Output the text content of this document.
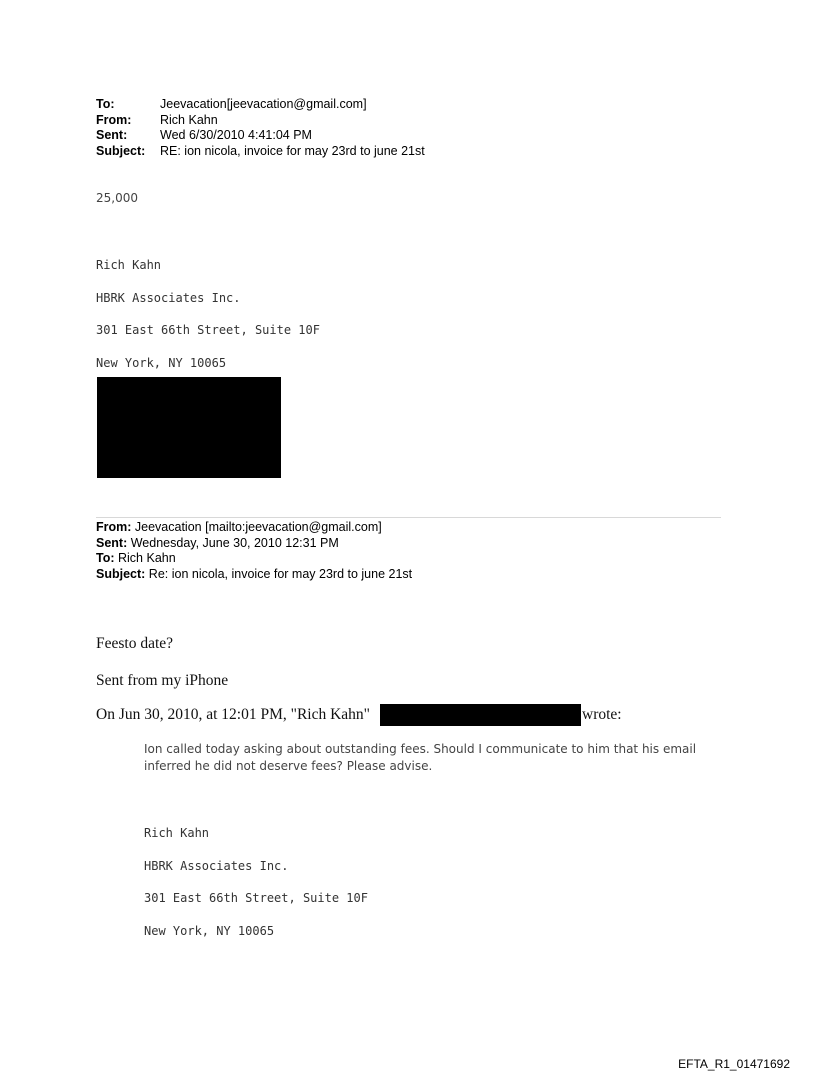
To:	Jeevacation[jeevacation@gmail.com]
From:	Rich Kahn
Sent:	Wed 6/30/2010 4:41:04 PM
Subject:	RE: ion nicola, invoice for may 23rd to june 21st
25,000
Rich Kahn
HBRK Associates Inc.
301 East 66th Street, Suite 10F
New York, NY 10065
From: Jeevacation [mailto:jeevacation@gmail.com]
Sent: Wednesday, June 30, 2010 12:31 PM
To: Rich Kahn
Subject: Re: ion nicola, invoice for may 23rd to june 21st
Feesto date?
Sent from my iPhone
On Jun 30, 2010, at 12:01 PM, "Rich Kahn"	wrote:
Ion called today asking about outstanding fees. Should I communicate to him that his email inferred he did not deserve fees? Please advise.
Rich Kahn
HBRK Associates Inc.
301 East 66th Street, Suite 10F
New York, NY 10065
EFTA_R1_01471692
